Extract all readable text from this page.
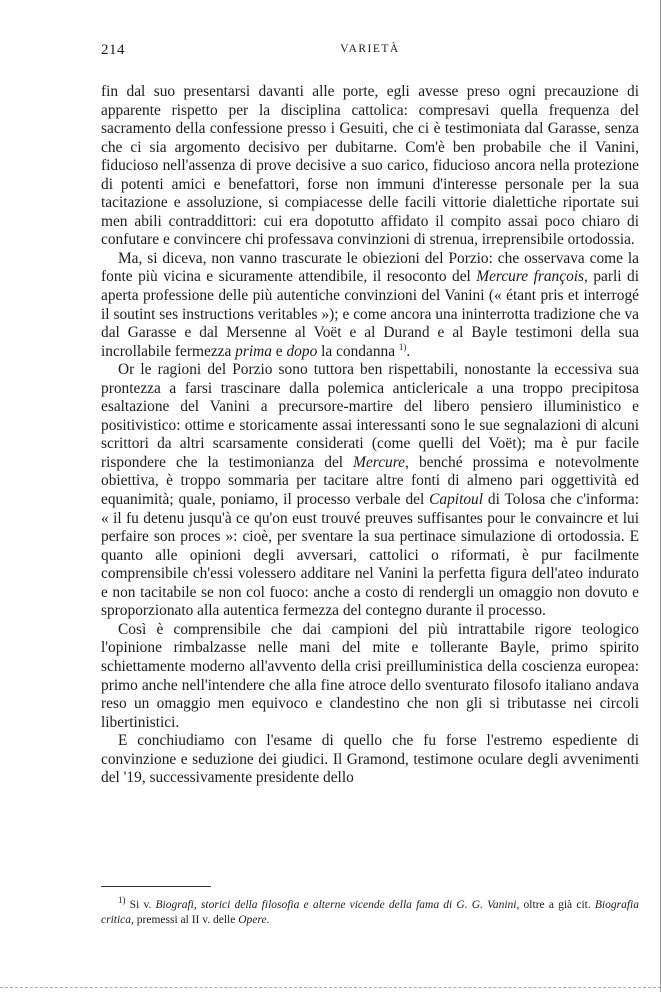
214	VARIETÀ

fin dal suo presentarsi davanti alle porte, egli avesse preso ogni precauzione di apparente rispetto per la disciplina cattolica: compresavi quella frequenza del sacramento della confessione presso i Gesuiti, che ci è testimoniata dal Garasse, senza che ci sia argomento decisivo per dubitarne. Com'è ben probabile che il Vanini, fiducioso nell'assenza di prove decisive a suo carico, fiducioso ancora nella protezione di potenti amici e benefattori, forse non immuni d'interesse personale per la sua tacitazione e assoluzione, si compiacesse delle facili vittorie dialettiche riportate sui men abili contraddittori: cui era dopotutto affidato il compito assai poco chiaro di confutare e convincere chi professava convinzioni di strenua, irreprensibile ortodossia.

Ma, si diceva, non vanno trascurate le obiezioni del Porzio: che osservava come la fonte più vicina e sicuramente attendibile, il resoconto del Mercure françois, parli di aperta professione delle più autentiche convinzioni del Vanini (« étant pris et interrogé il soutint ses instructions veritables »); e come ancora una ininterrotta tradizione che va dal Garasse e dal Mersenne al Voët e al Durand e al Bayle testimoni della sua incrollabile fermezza prima e dopo la condanna $^{1)}$.

Or le ragioni del Porzio sono tuttora ben rispettabili, nonostante la eccessiva sua prontezza a farsi trascinare dalla polemica anticlericale a una troppo precipitosa esaltazione del Vanini a precursore-martire del libero pensiero illuministico e positivistico: ottime e storicamente assai interessanti sono le sue segnalazioni di alcuni scrittori da altri scarsamente considerati (come quelli del Voët); ma è pur facile rispondere che la testimonianza del Mercure, benché prossima e notevolmente obiettiva, è troppo sommaria per tacitare altre fonti di almeno pari oggettività ed equanimità; quale, poniamo, il processo verbale del Capitoul di Tolosa che c'informa: « il fu detenu jusqu'à ce qu'on eust trouvé preuves suffisantes pour le convaincre et lui perfaire son proces »: cioè, per sventare la sua pertinace simulazione di ortodossia. E quanto alle opinioni degli avversari, cattolici o riformati, è pur facilmente comprensibile ch'essi volessero additare nel Vanini la perfetta figura dell'ateo indurato e non tacitabile se non col fuoco: anche a costo di rendergli un omaggio non dovuto e sproporzionato alla autentica fermezza del contegno durante il processo.

Così è comprensibile che dai campioni del più intrattabile rigore teologico l'opinione rimbalzasse nelle mani del mite e tollerante Bayle, primo spirito schiettamente moderno all'avvento della crisi preilluministica della coscienza europea: primo anche nell'intendere che alla fine atroce dello sventurato filosofo italiano andava reso un omaggio men equivoco e clandestino che non gli si tributasse nei circoli libertinistici.

E conchiudiamo con l'esame di quello che fu forse l'estremo espediente di convinzione e seduzione dei giudici. Il Gramond, testimone oculare degli avvenimenti del '19, successivamente presidente dello

$^{1)}$ Si v. Biografi, storici della filosofia e alterne vicende della fama di G. G. Vanini, oltre a già cit. Biografia critica, premessi al II v. delle Opere.
